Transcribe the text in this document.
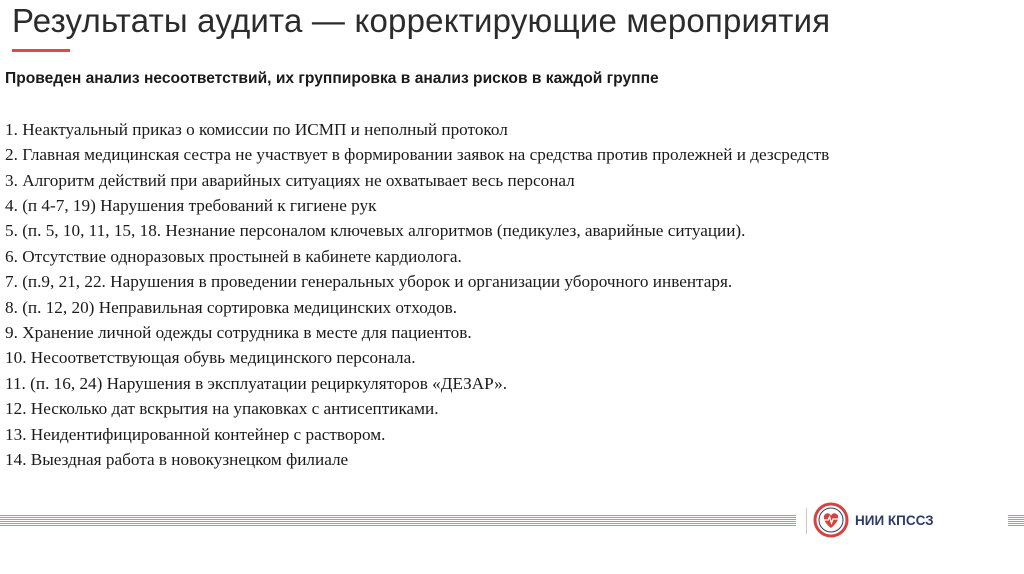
Результаты аудита — корректирующие мероприятия
Проведен анализ несоответствий, их группировка в анализ рисков в каждой группе
1. Неактуальный приказ о комиссии по ИСМП и неполный протокол
2. Главная медицинская сестра не участвует в формировании заявок на средства против пролежней и дезсредств
3. Алгоритм действий при аварийных ситуациях не охватывает весь персонал
4. (п 4-7, 19) Нарушения требований к гигиене рук
5. (п. 5, 10, 11, 15, 18. Незнание персоналом ключевых алгоритмов (педикулез, аварийные ситуации).
6. Отсутствие одноразовых простыней в кабинете кардиолога.
7. (п.9, 21, 22. Нарушения в проведении генеральных уборок и организации уборочного инвентаря.
8. (п. 12, 20) Неправильная сортировка медицинских отходов.
9. Хранение личной одежды сотрудника в месте для пациентов.
10. Несоответствующая обувь медицинского персонала.
11. (п. 16, 24) Нарушения в эксплуатации рециркуляторов «ДЕЗАР».
12. Несколько дат вскрытия на упаковках с антисептиками.
13. Неидентифицированной контейнер с раствором.
14. Выездная работа в новокузнецком филиале
НИИ КПССЗ
